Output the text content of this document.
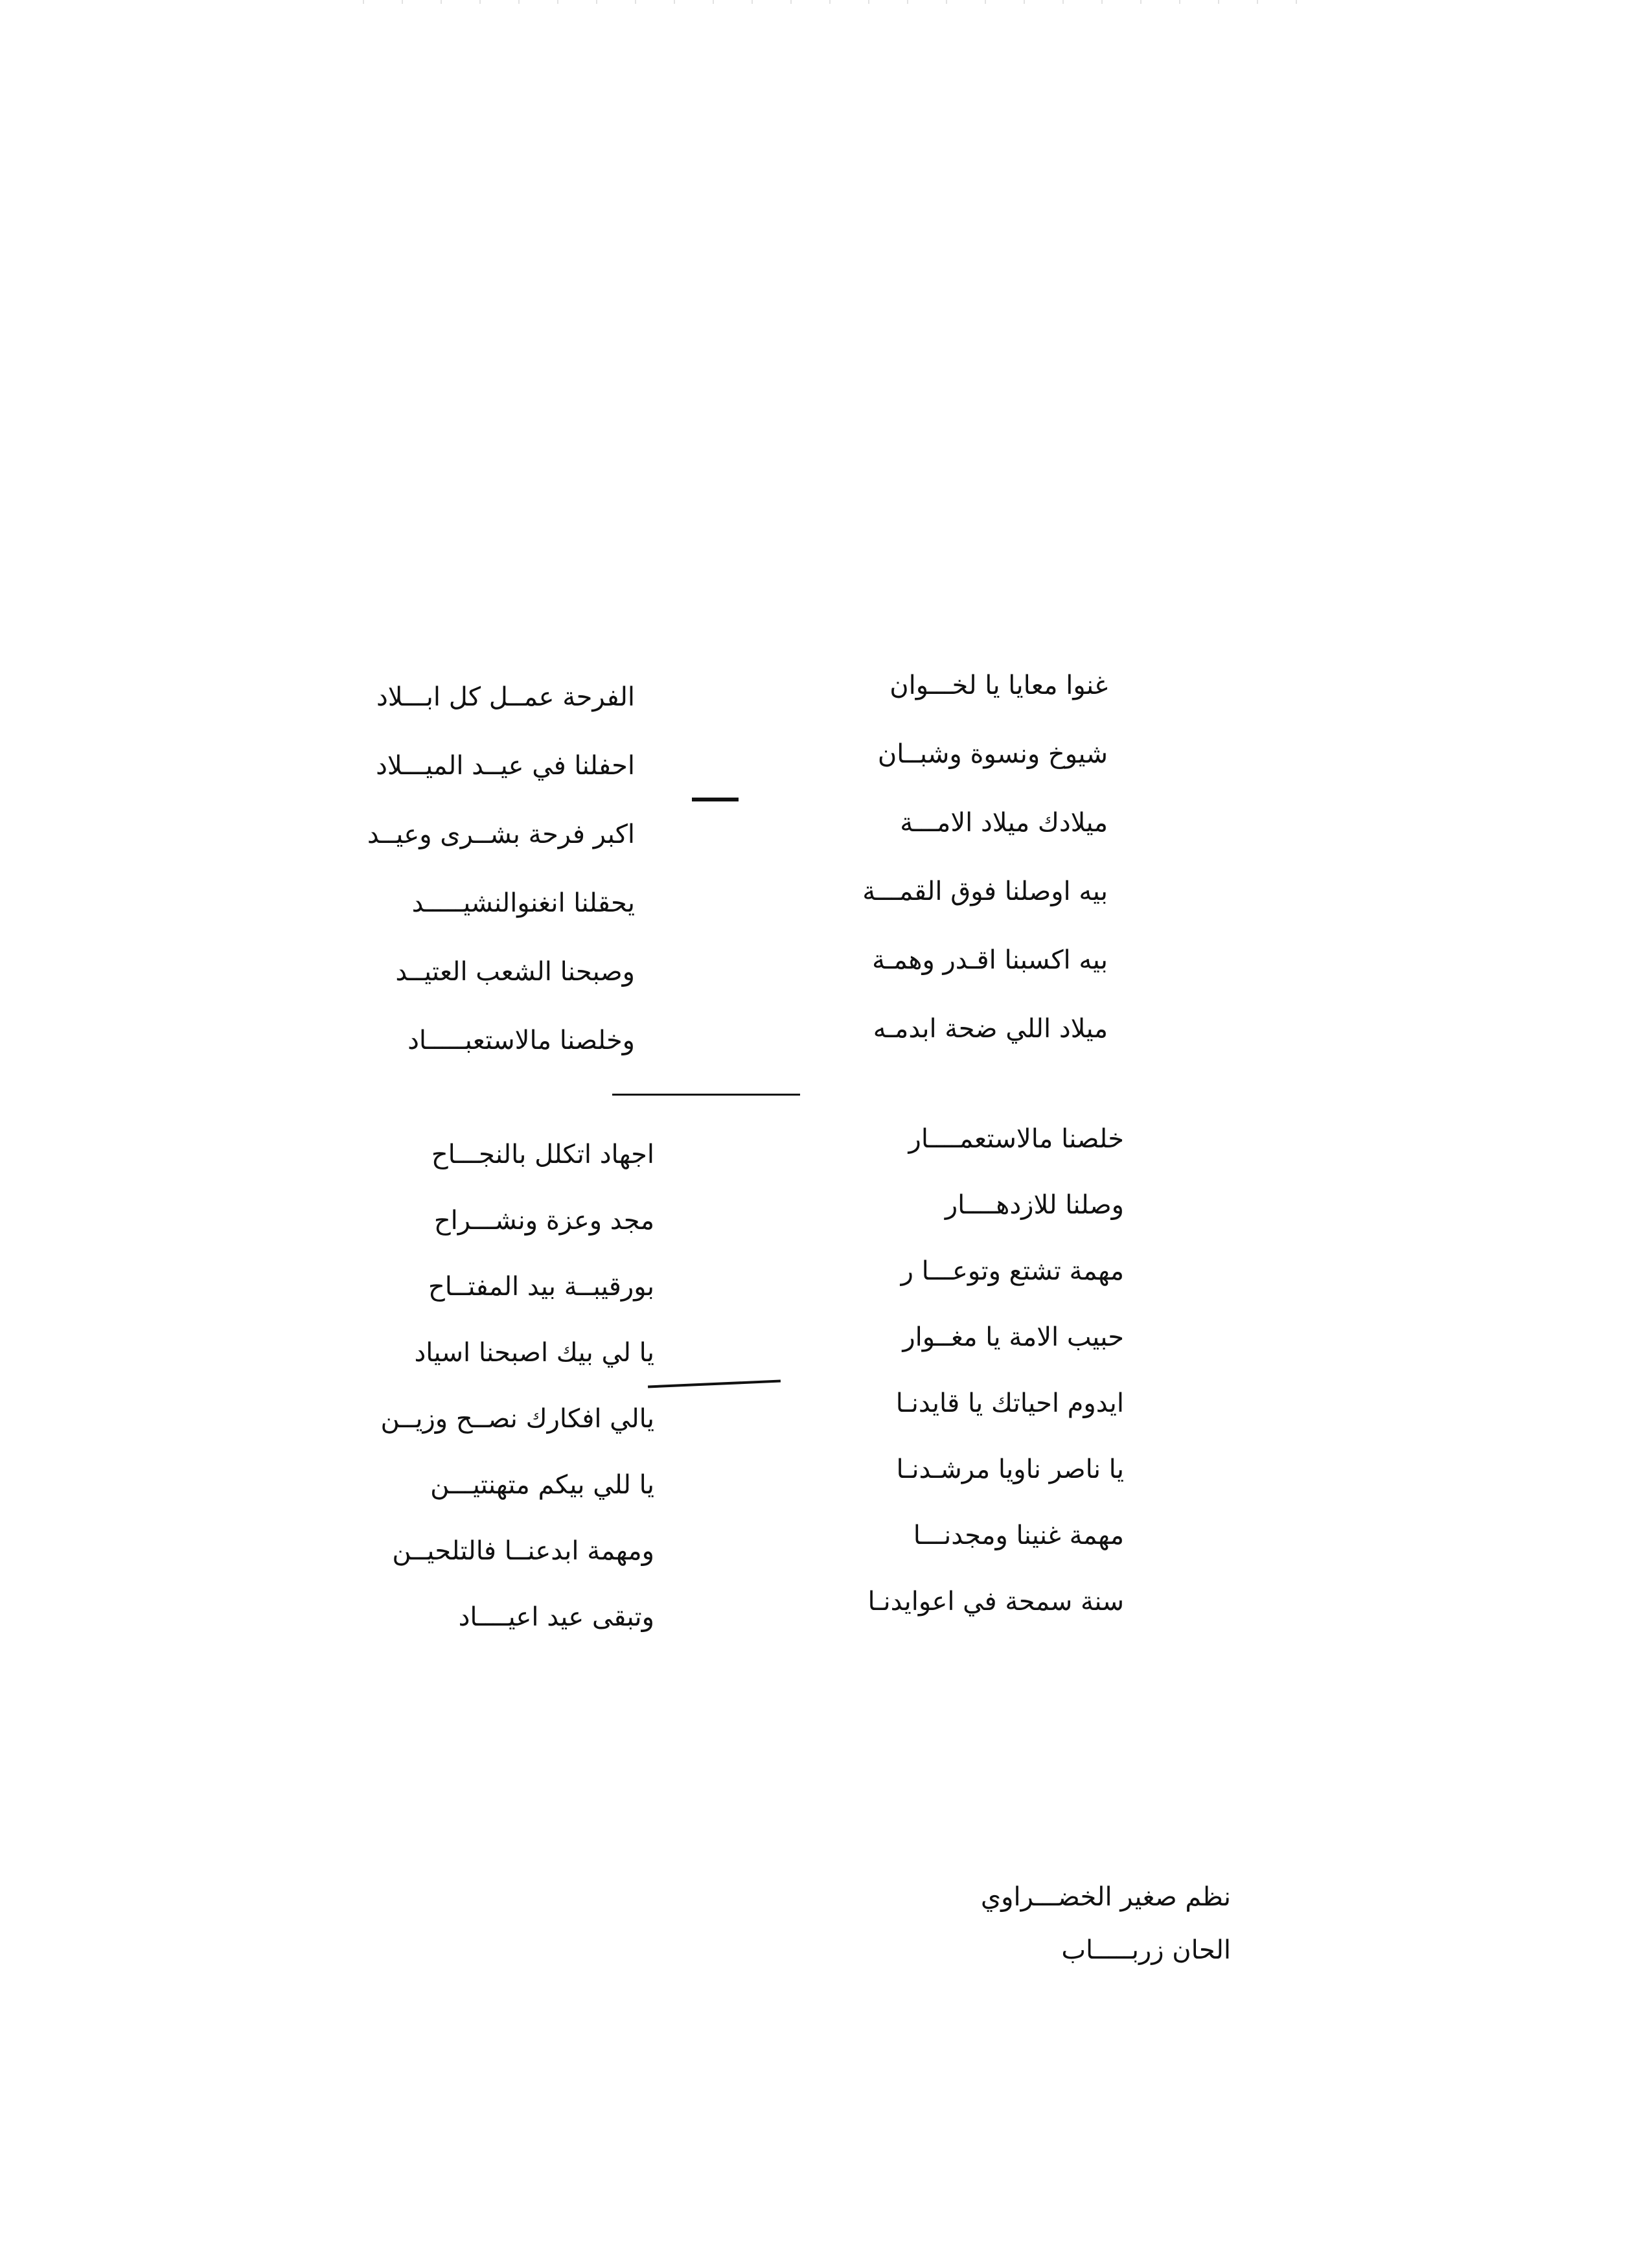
غنوا معايا يا لخـــوان
شيوخ ونسوة وشبــان
ميلادك ميلاد الامـــة
بيه اوصلنا فوق القمـــة
بيه اكسبنا اقـدر وهمـة
ميلاد اللي ضحة ابدمـه
الفرحة عمــل كل ابـــلاد
احفلنا في عيــد الميـــلاد
اكبر فرحة بشــرى وعيــد
يحقلنا انغنوالنشيـــــد
وصبحنا الشعب العتيــد
وخلصنا مالاستعبـــــاد
خلصنا مالاستعمــــار
وصلنا للازدهــــار
مهمة تشتع وتوعـــا ر
حبيب الامة يا مغــوار
ايدوم احياتك يا قايدنـا
يا ناصر ناويا مرشـدنـا
مهمة غنينا ومجدنـــا
سنة سمحة في اعوايدنـا
اجهاد اتكلل بالنجـــاح
مجد وعزة ونشـــراح
بورقيبــة بيد المفتــاح
يا لي بيك اصبحنا اسياد
يالي افكارك نصــح وزيــن
يا للي بيكم متهنتيـــن
ومهمة ابدعنــا فالتلحيــن
وتبقى عيد اعيــــاد
نظم صغير الخضـــراوي
الحان زربـــــاب
